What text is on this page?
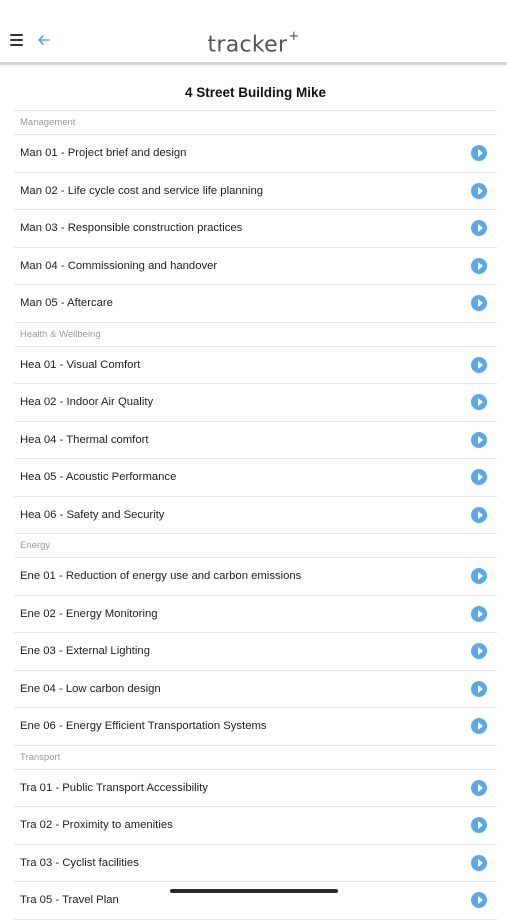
tracker+
4 Street Building Mike
Management
Man 01 - Project brief and design
Man 02 - Life cycle cost and service life planning
Man 03 - Responsible construction practices
Man 04 - Commissioning and handover
Man 05 - Aftercare
Health & Wellbeing
Hea 01 - Visual Comfort
Hea 02 - Indoor Air Quality
Hea 04 - Thermal comfort
Hea 05 - Acoustic Performance
Hea 06 - Safety and Security
Energy
Ene 01 - Reduction of energy use and carbon emissions
Ene 02 - Energy Monitoring
Ene 03 - External Lighting
Ene 04 - Low carbon design
Ene 06 - Energy Efficient Transportation Systems
Transport
Tra 01 - Public Transport Accessibility
Tra 02 - Proximity to amenities
Tra 03 - Cyclist facilities
Tra 05 - Travel Plan
